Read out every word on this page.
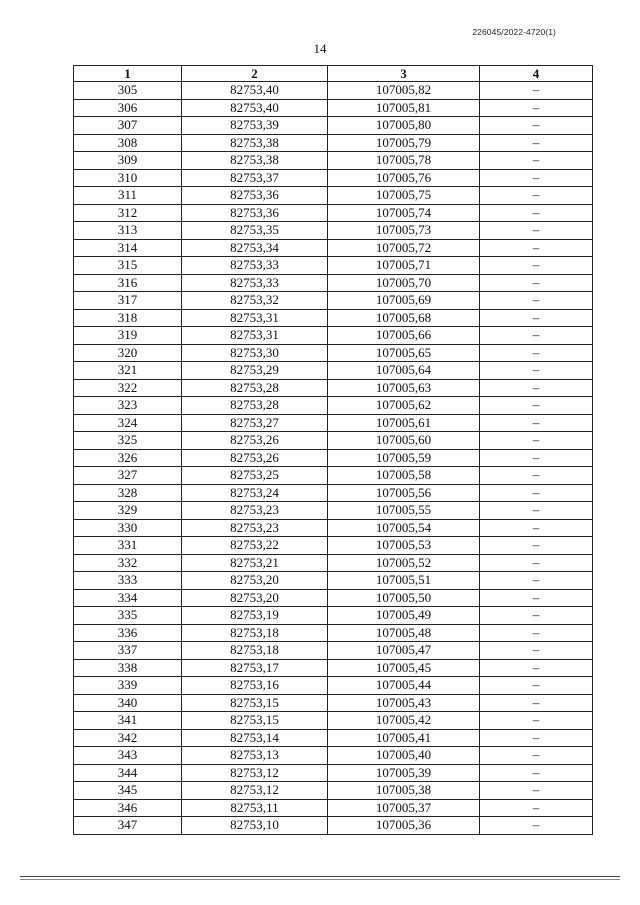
226045/2022-4720(1)
14
1	2	3	4
305	82753,40	107005,82	–
306	82753,40	107005,81	–
307	82753,39	107005,80	–
308	82753,38	107005,79	–
309	82753,38	107005,78	–
310	82753,37	107005,76	–
311	82753,36	107005,75	–
312	82753,36	107005,74	–
313	82753,35	107005,73	–
314	82753,34	107005,72	–
315	82753,33	107005,71	–
316	82753,33	107005,70	–
317	82753,32	107005,69	–
318	82753,31	107005,68	–
319	82753,31	107005,66	–
320	82753,30	107005,65	–
321	82753,29	107005,64	–
322	82753,28	107005,63	–
323	82753,28	107005,62	–
324	82753,27	107005,61	–
325	82753,26	107005,60	–
326	82753,26	107005,59	–
327	82753,25	107005,58	–
328	82753,24	107005,56	–
329	82753,23	107005,55	–
330	82753,23	107005,54	–
331	82753,22	107005,53	–
332	82753,21	107005,52	–
333	82753,20	107005,51	–
334	82753,20	107005,50	–
335	82753,19	107005,49	–
336	82753,18	107005,48	–
337	82753,18	107005,47	–
338	82753,17	107005,45	–
339	82753,16	107005,44	–
340	82753,15	107005,43	–
341	82753,15	107005,42	–
342	82753,14	107005,41	–
343	82753,13	107005,40	–
344	82753,12	107005,39	–
345	82753,12	107005,38	–
346	82753,11	107005,37	–
347	82753,10	107005,36	–
